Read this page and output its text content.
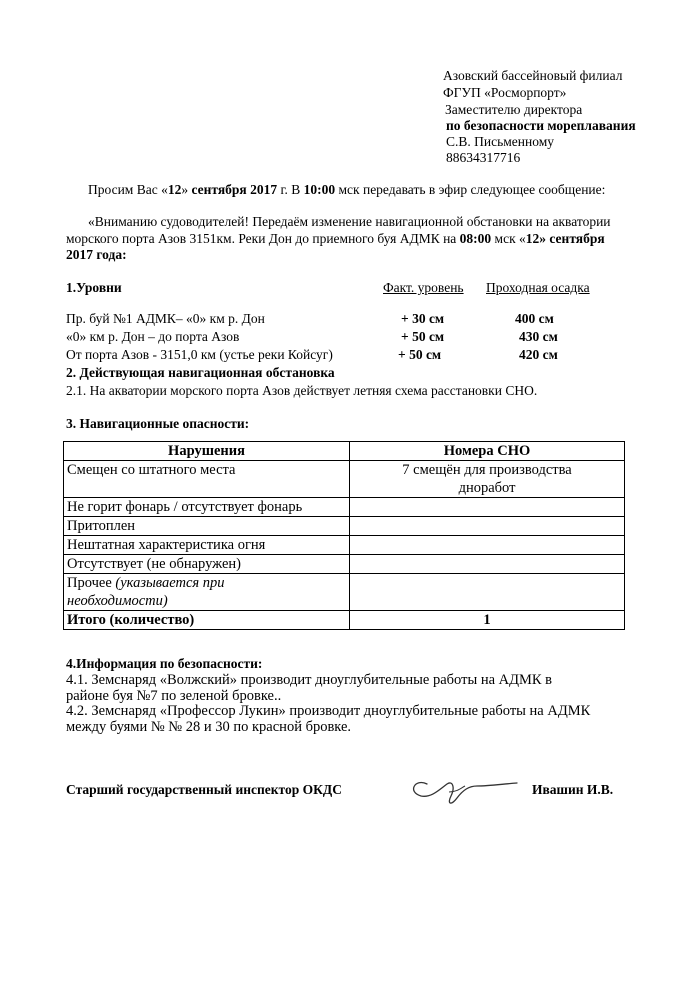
Азовский бассейновый филиал
ФГУП «Росморпорт»
Заместителю директора
по безопасности мореплавания
С.В. Письменному
88634317716
Просим Вас «12» сентября 2017 г. В 10:00 мск передавать в эфир следующее сообщение:
«Вниманию судоводителей! Передаём изменение навигационной обстановки на акватории
морского порта Азов 3151км. Реки Дон до приемного буя АДМК на 08:00 мск «12» сентября
2017 года:
1.Уровни	Факт. уровень Проходная осадка
Пр. буй №1 АДМК– «0» км р. Дон	+ 30 см	400 см
«0» км р. Дон – до порта Азов	+ 50 см	430 см
От порта Азов - 3151,0 км (устье реки Койсуг)	+ 50 см	420 см
2. Действующая навигационная обстановка
2.1. На акватории морского порта Азов действует летняя схема расстановки СНО.
3. Навигационные опасности:
Нарушения	Номера СНО
Смещен со штатного места	7 смещён для производства
дноработ
Не горит фонарь / отсутствует фонарь	
Притоплен	
Нештатная характеристика огня	
Отсутствует (не обнаружен)	
Прочее (указывается при
необходимости)	
Итого (количество)	1
4.Информация по безопасности:
4.1. Земснаряд «Волжский» производит дноуглубительные работы на АДМК в
районе буя №7 по зеленой бровке..
4.2. Земснаряд «Профессор Лукин» производит дноуглубительные работы на АДМК
между буями № № 28 и 30 по красной бровке.
Старший государственный инспектор ОКДС	Ивашин И.В.
